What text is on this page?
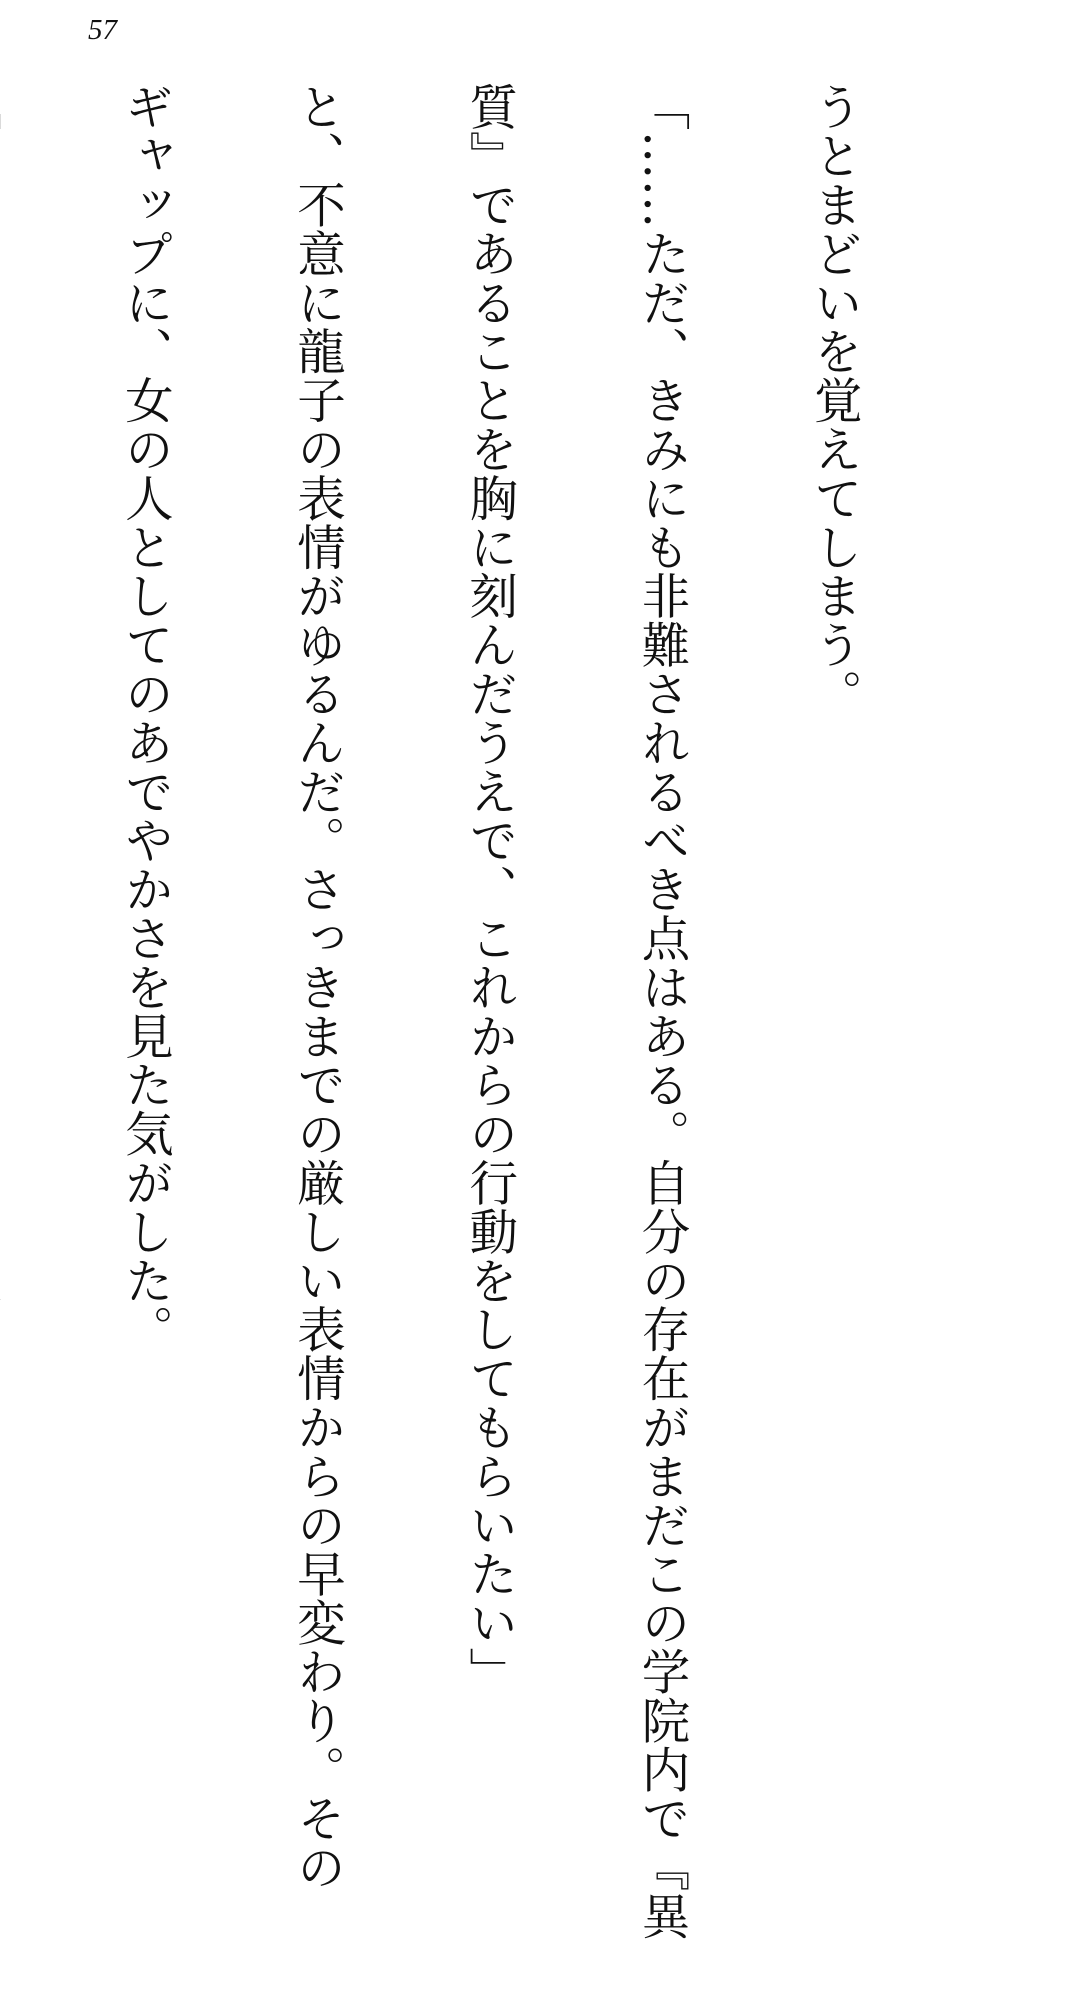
57

うとまどいを覚えてしまう。

「……ただ、きみにも非難されるべき点はある。自分の存在がまだこの学院内で『異

質』であることを胸に刻んだうえで、これからの行動をしてもらいたい」

と、不意に龍子の表情がゆるんだ。さっきまでの厳しい表情からの早変わり。その

ギャップに、女の人としてのあでやかさを見た気がした。
